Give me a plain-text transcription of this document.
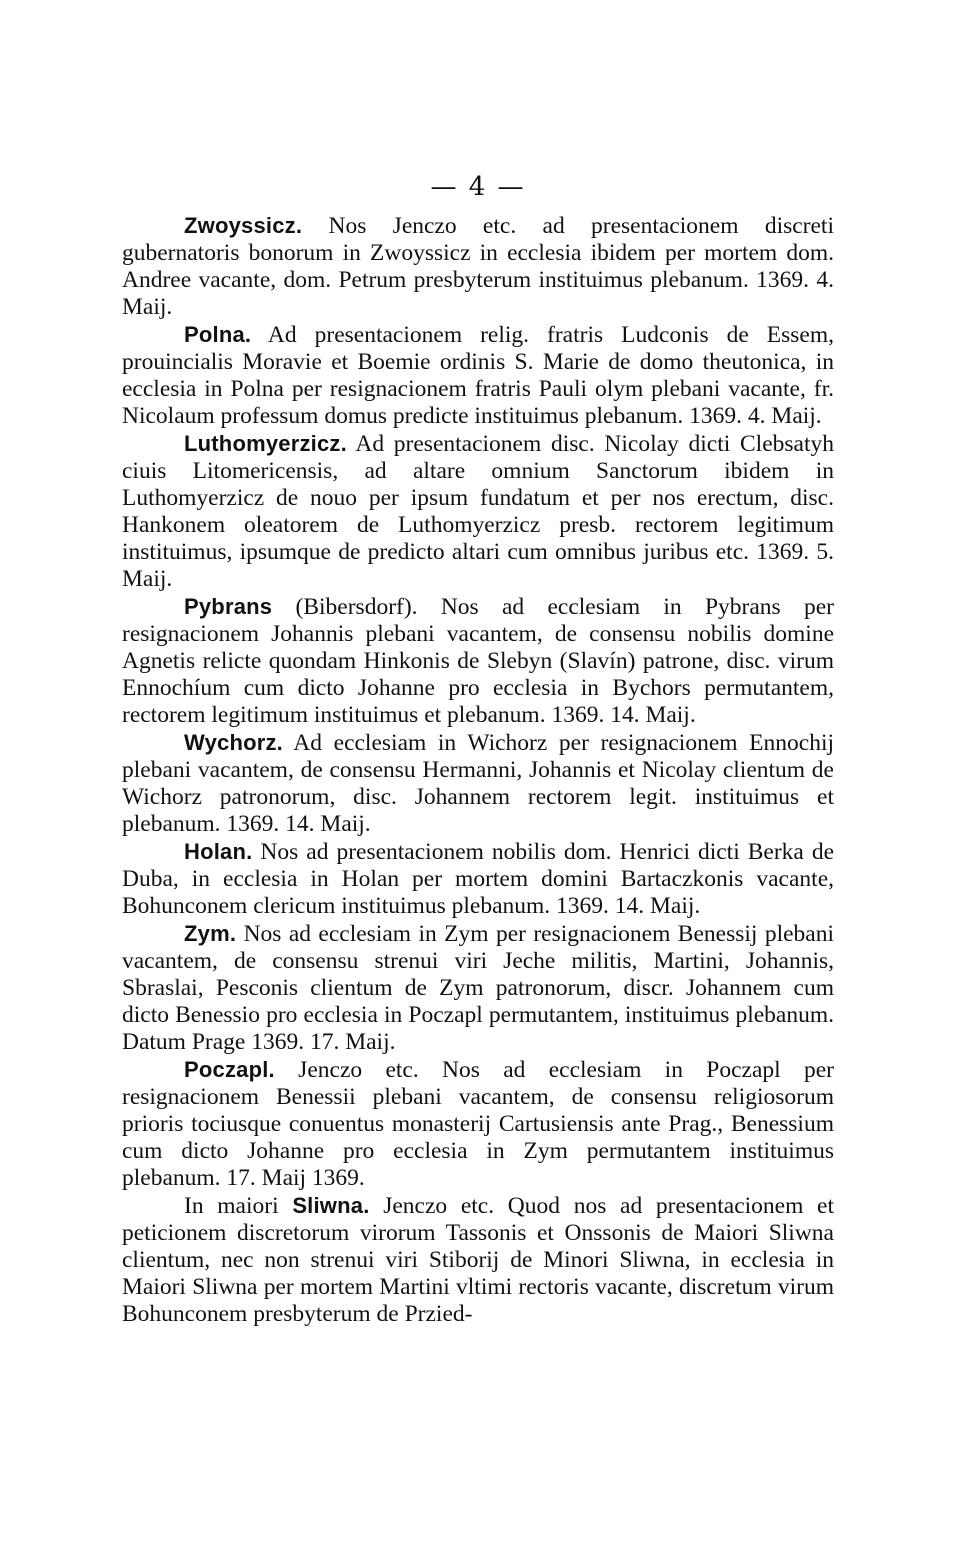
— 4 —

Zwoyssicz. Nos Jenczo etc. ad presentacionem discreti gubernatoris bonorum in Zwoyssicz in ecclesia ibidem per mortem dom. Andree vacante, dom. Petrum presbyterum instituimus plebanum. 1369. 4. Maij.

Polna. Ad presentacionem relig. fratris Ludconis de Essem, prouincialis Moravie et Boemie ordinis S. Marie de domo theutonica, in ecclesia in Polna per resignacionem fratris Pauli olym plebani vacante, fr. Nicolaum professum domus predicte instituimus plebanum. 1369. 4. Maij.

Luthomyerzicz. Ad presentacionem disc. Nicolay dicti Clebsatyh ciuis Litomericensis, ad altare omnium Sanctorum ibidem in Luthomyerzicz de nouo per ipsum fundatum et per nos erectum, disc. Hankonem oleatorem de Luthomyerzicz presb. rectorem legitimum instituimus, ipsumque de predicto altari cum omnibus juribus etc. 1369. 5. Maij.

Pybrans (Bibersdorf). Nos ad ecclesiam in Pybrans per resignacionem Johannis plebani vacantem, de consensu nobilis domine Agnetis relicte quondam Hinkonis de Slebyn (Slavín) patrone, disc. virum Ennochíum cum dicto Johanne pro ecclesia in Bychors permutantem, rectorem legitimum instituimus et plebanum. 1369. 14. Maij.

Wychorz. Ad ecclesiam in Wichorz per resignacionem Ennochij plebani vacantem, de consensu Hermanni, Johannis et Nicolay clientum de Wichorz patronorum, disc. Johannem rectorem legit. instituimus et plebanum. 1369. 14. Maij.

Holan. Nos ad presentacionem nobilis dom. Henrici dicti Berka de Duba, in ecclesia in Holan per mortem domini Bartaczkonis vacante, Bohunconem clericum instituimus plebanum. 1369. 14. Maij.

Zym. Nos ad ecclesiam in Zym per resignacionem Benessij plebani vacantem, de consensu strenui viri Jeche militis, Martini, Johannis, Sbraslai, Pesconis clientum de Zym patronorum, discr. Johannem cum dicto Benessio pro ecclesia in Poczapl permutantem, instituimus plebanum. Datum Prage 1369. 17. Maij.

Poczapl. Jenczo etc. Nos ad ecclesiam in Poczapl per resignacionem Benessii plebani vacantem, de consensu religiosorum prioris tociusque conuentus monasterij Cartusiensis ante Prag., Benessium cum dicto Johanne pro ecclesia in Zym permutantem instituimus plebanum. 17. Maij 1369.

In maiori Sliwna. Jenczo etc. Quod nos ad presentacionem et peticionem discretorum virorum Tassonis et Onssonis de Maiori Sliwna clientum, nec non strenui viri Stiborij de Minori Sliwna, in ecclesia in Maiori Sliwna per mortem Martini vltimi rectoris vacante, discretum virum Bohunconem presbyterum de Przied-
